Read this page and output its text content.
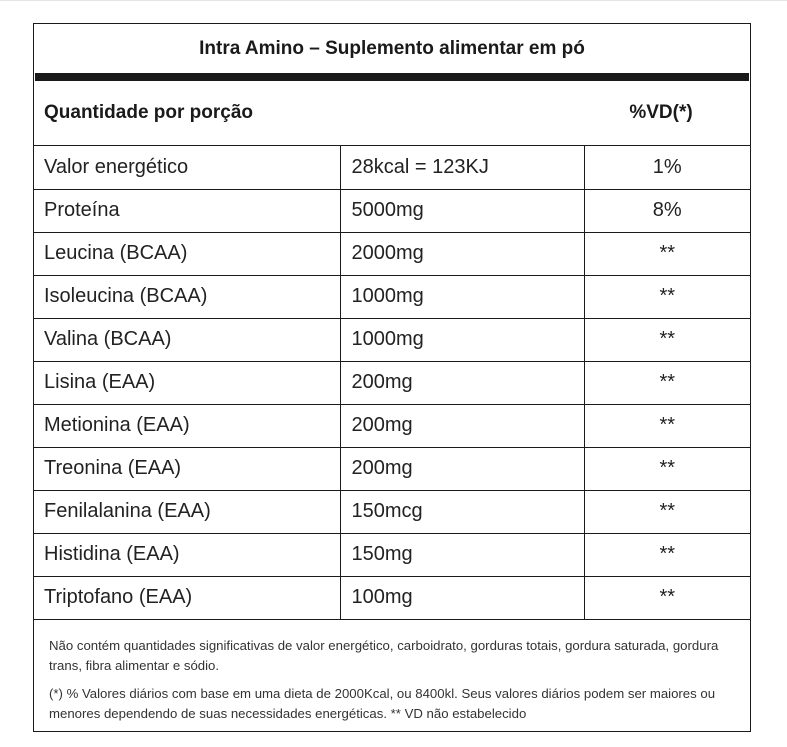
Intra Amino – Suplemento alimentar em pó
Quantidade por porção	%VD(*)
Valor energético	28kcal = 123KJ	1%
Proteína	5000mg	8%
Leucina (BCAA)	2000mg	**
Isoleucina (BCAA)	1000mg	**
Valina (BCAA)	1000mg	**
Lisina (EAA)	200mg	**
Metionina (EAA)	200mg	**
Treonina (EAA)	200mg	**
Fenilalanina (EAA)	150mcg	**
Histidina (EAA)	150mg	**
Triptofano (EAA)	100mg	**

Não contém quantidades significativas de valor energético, carboidrato, gorduras totais, gordura saturada, gordura trans, fibra alimentar e sódio.

(*) % Valores diários com base em uma dieta de 2000Kcal, ou 8400kl. Seus valores diários podem ser maiores ou menores dependendo de suas necessidades energéticas. ** VD não estabelecido
